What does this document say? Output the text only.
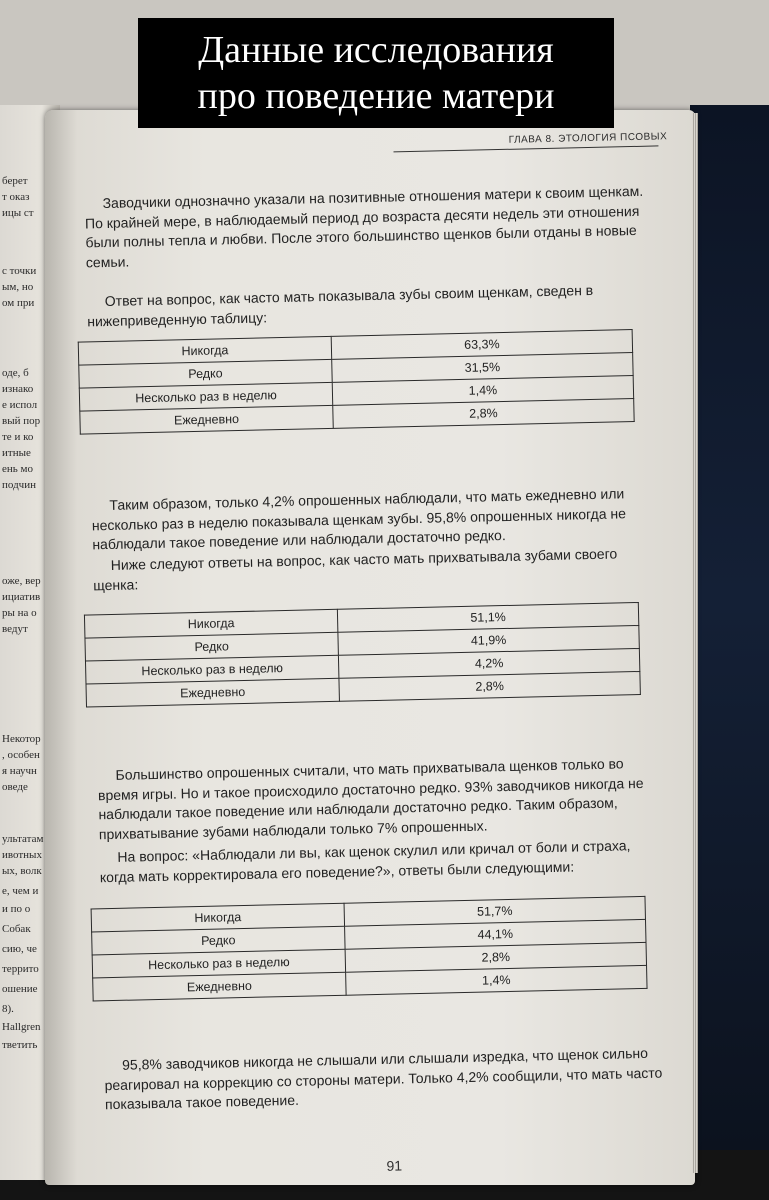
берет
т оказ
ицы ст
с точки
ым, но
ом при
оде, б
изнако
е испол
вый пор
те и ко
итные
ень мо
подчин
оже, вер
ициатив
ры на о
ведут
Некотор
, особен
я научн
оведе
ультатам
ивотных
ых, волк
е, чем и
и по о
Собак
сию, че
террито
ошение
8).
Hallgren
тветить
ГЛАВА 8. ЭТОЛОГИЯ ПСОВЫХ
Заводчики однозначно указали на позитивные отношения матери к своим щенкам. По крайней мере, в наблюдаемый период до возраста десяти недель эти отношения были полны тепла и любви. После этого большинство щенков были отданы в новые семьи.
Ответ на вопрос, как часто мать показывала зубы своим щенкам, сведен в нижеприведенную таблицу:
Никогда	63,3%
Редко	31,5%
Несколько раз в неделю	1,4%
Ежедневно	2,8%
Таким образом, только 4,2% опрошенных наблюдали, что мать ежедневно или несколько раз в неделю показывала щенкам зубы. 95,8% опрошенных никогда не наблюдали такое поведение или наблюдали достаточно редко.
Ниже следуют ответы на вопрос, как часто мать прихватывала зубами своего щенка:
Никогда	51,1%
Редко	41,9%
Несколько раз в неделю	4,2%
Ежедневно	2,8%
Большинство опрошенных считали, что мать прихватывала щенков только во время игры. Но и такое происходило достаточно редко. 93% заводчиков никогда не наблюдали такое поведение или наблюдали достаточно редко. Таким образом, прихватывание зубами наблюдали только 7% опрошенных.
На вопрос: «Наблюдали ли вы, как щенок скулил или кричал от боли и страха, когда мать корректировала его поведение?», ответы были следующими:
Никогда	51,7%
Редко	44,1%
Несколько раз в неделю	2,8%
Ежедневно	1,4%
95,8% заводчиков никогда не слышали или слышали изредка, что щенок сильно реагировал на коррекцию со стороны матери. Только 4,2% сообщили, что мать часто показывала такое поведение.
91
Данные исследования
про поведение матери
